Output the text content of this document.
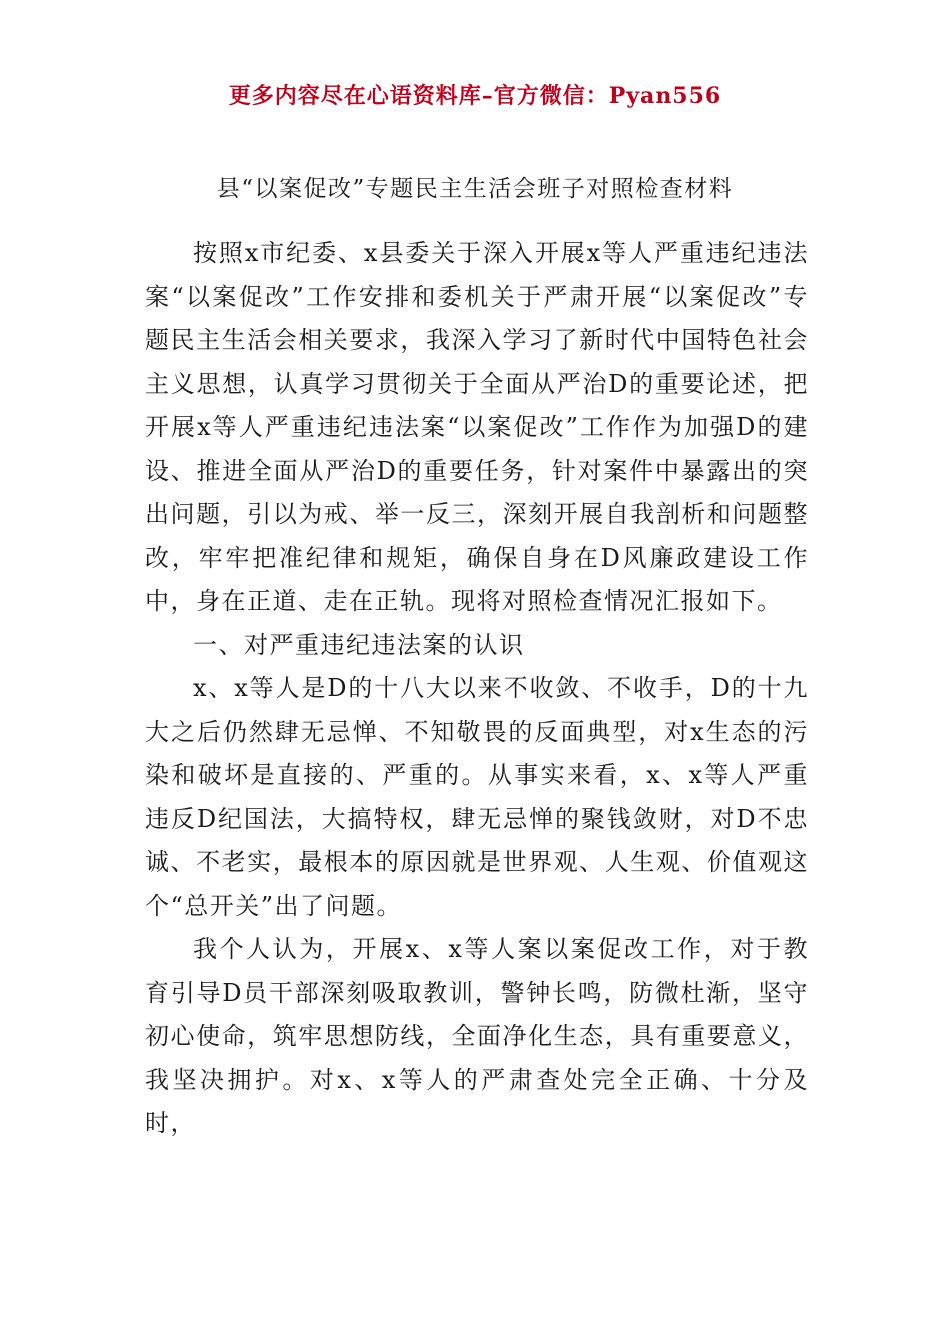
更多内容尽在心语资料库–官方微信：Pyan556
县“以案促改”专题民主生活会班子对照检查材料

按照x市纪委、x县委关于深入开展x等人严重违纪违法案“以案促改”工作安排和委机关于严肃开展“以案促改”专题民主生活会相关要求，我深入学习了新时代中国特色社会主义思想，认真学习贯彻关于全面从严治D的重要论述，把开展x等人严重违纪违法案“以案促改”工作作为加强D的建设、推进全面从严治D的重要任务，针对案件中暴露出的突出问题，引以为戒、举一反三，深刻开展自我剖析和问题整改，牢牢把准纪律和规矩，确保自身在D风廉政建设工作中，身在正道、走在正轨。现将对照检查情况汇报如下。

一、对严重违纪违法案的认识

x、x等人是D的十八大以来不收敛、不收手，D的十九大之后仍然肆无忌惮、不知敬畏的反面典型，对x生态的污染和破坏是直接的、严重的。从事实来看，x、x等人严重违反D纪国法，大搞特权，肆无忌惮的聚钱敛财，对D不忠诚、不老实，最根本的原因就是世界观、人生观、价值观这个“总开关”出了问题。

我个人认为，开展x、x等人案以案促改工作，对于教育引导D员干部深刻吸取教训，警钟长鸣，防微杜渐，坚守初心使命，筑牢思想防线，全面净化生态，具有重要意义，我坚决拥护。对x、x等人的严肃查处完全正确、十分及时，
